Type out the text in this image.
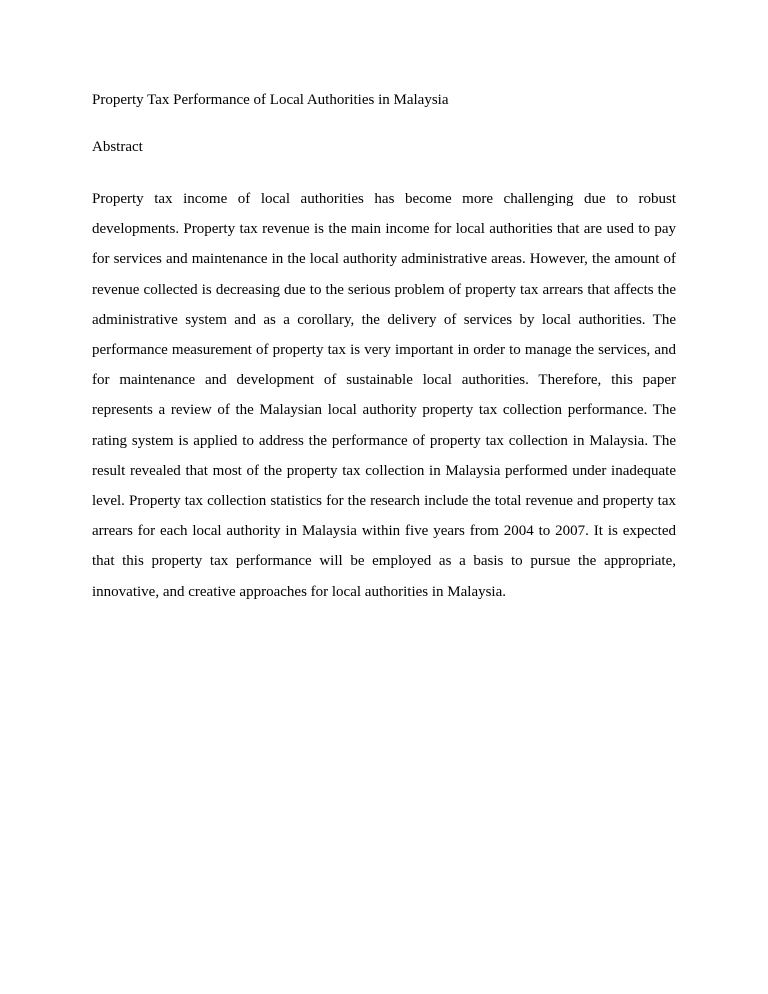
Property Tax Performance of Local Authorities in Malaysia

Abstract

Property tax income of local authorities has become more challenging due to robust
developments. Property tax revenue is the main income for local authorities that are used to pay
for services and maintenance in the local authority administrative areas. However, the amount of
revenue collected is decreasing due to the serious problem of property tax arrears that affects the
administrative system and as a corollary, the delivery of services by local authorities. The
performance measurement of property tax is very important in order to manage the services, and
for maintenance and development of sustainable local authorities. Therefore, this paper
represents a review of the Malaysian local authority property tax collection performance. The
rating system is applied to address the performance of property tax collection in Malaysia. The
result revealed that most of the property tax collection in Malaysia performed under inadequate
level. Property tax collection statistics for the research include the total revenue and property tax
arrears for each local authority in Malaysia within five years from 2004 to 2007. It is expected
that this property tax performance will be employed as a basis to pursue the appropriate,
innovative, and creative approaches for local authorities in Malaysia.
